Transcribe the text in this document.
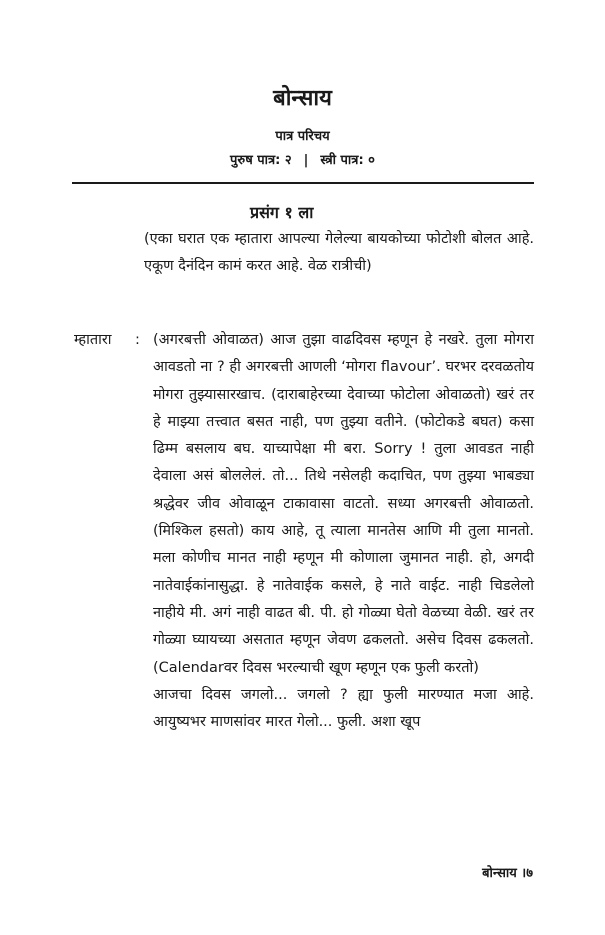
बोन्साय
पात्र परिचय
पुरुष पात्र: २ | स्त्री पात्र: ०
प्रसंग १ ला
(एका घरात एक म्हातारा आपल्या गेलेल्या बायकोच्या फोटोशी बोलत आहे. एकूण दैनंदिन कामं करत आहे. वेळ रात्रीची)
म्हातारा : (अगरबत्ती ओवाळत) आज तुझा वाढदिवस म्हणून हे नखरे. तुला मोगरा आवडतो ना ? ही अगरबत्ती आणली ‘मोगरा flavour’. घरभर दरवळतोय मोगरा तुझ्यासारखाच. (दाराबाहेरच्या देवाच्या फोटोला ओवाळतो) खरं तर हे माझ्या तत्त्वात बसत नाही, पण तुझ्या वतीने. (फोटोकडे बघत) कसा ढिम्म बसलाय बघ. याच्यापेक्षा मी बरा. Sorry ! तुला आवडत नाही देवाला असं बोललेलं. तो... तिथे नसेलही कदाचित, पण तुझ्या भाबड्या श्रद्धेवर जीव ओवाळून टाकावासा वाटतो. सध्या अगरबत्ती ओवाळतो. (मिश्किल हसतो) काय आहे, तू त्याला मानतेस आणि मी तुला मानतो. मला कोणीच मानत नाही म्हणून मी कोणाला जुमानत नाही. हो, अगदी नातेवाईकांनासुद्धा. हे नातेवाईक कसले, हे नाते वाईट. नाही चिडलेलो नाहीये मी. अगं नाही वाढत बी. पी. हो गोळ्या घेतो वेळच्या वेळी. खरं तर गोळ्या घ्यायच्या असतात म्हणून जेवण ढकलतो. असेच दिवस ढकलतो. (Calendarवर दिवस भरल्याची खूण म्हणून एक फुली करतो)

आजचा दिवस जगलो... जगलो ? ह्या फुली मारण्यात मजा आहे. आयुष्यभर माणसांवर मारत गेलो... फुली. अशा खूप

बोन्साय ।७
